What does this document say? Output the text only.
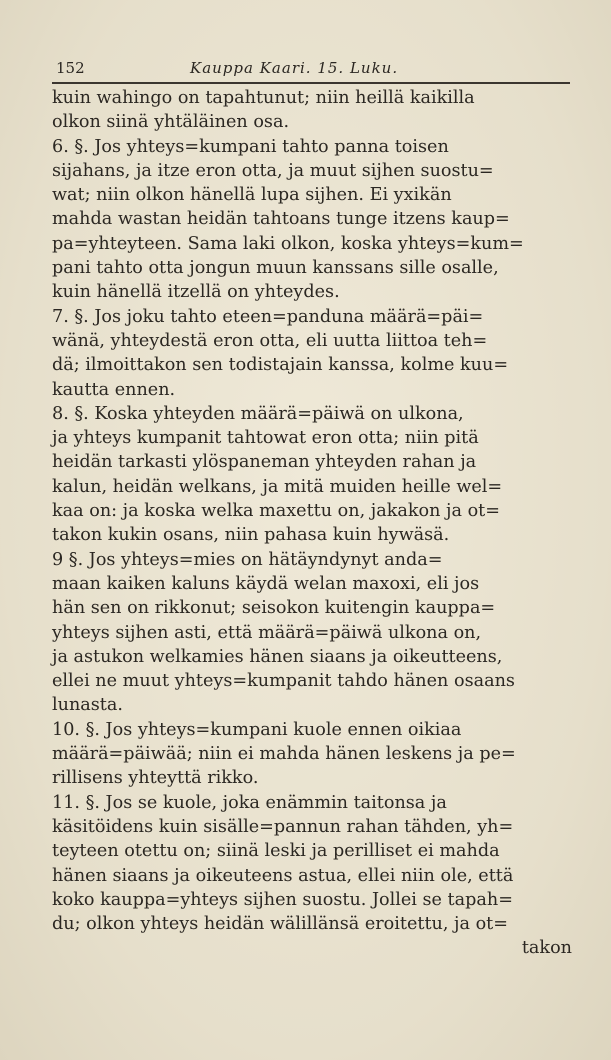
152	Kauppa Kaari. 15. Luku.
kuin wahingo on tapahtunut; niin heillä kaikilla
olkon siinä yhtäläinen osa.
6. §. Jos yhteys=kumpani tahto panna toisen
sijahans, ja itze eron otta, ja muut sijhen suostu=
wat; niin olkon hänellä lupa sijhen. Ei yxikän
mahda wastan heidän tahtoans tunge itzens kaup=
pa=yhteyteen. Sama laki olkon, koska yhteys=kum=
pani tahto otta jongun muun kanssans sille osalle,
kuin hänellä itzellä on yhteydes.
7. §. Jos joku tahto eteen=panduna määrä=päi=
wänä, yhteydestä eron otta, eli uutta liittoa teh=
dä; ilmoittakon sen todistajain kanssa, kolme kuu=
kautta ennen.
8. §. Koska yhteyden määrä=päiwä on ulkona,
ja yhteys kumpanit tahtowat eron otta; niin pitä
heidän tarkasti ylöspaneman yhteyden rahan ja
kalun, heidän welkans, ja mitä muiden heille wel=
kaa on: ja koska welka maxettu on, jakakon ja ot=
takon kukin osans, niin pahasa kuin hywäsä.
9 §. Jos yhteys=mies on hätäyndynyt anda=
maan kaiken kaluns käydä welan maxoxi, eli jos
hän sen on rikkonut; seisokon kuitengin kauppa=
yhteys sijhen asti, että määrä=päiwä ulkona on,
ja astukon welkamies hänen siaans ja oikeutteens,
ellei ne muut yhteys=kumpanit tahdo hänen osaans
lunasta.
10. §. Jos yhteys=kumpani kuole ennen oikiaa
määrä=päiwää; niin ei mahda hänen leskens ja pe=
rillisens yhteyttä rikko.
11. §. Jos se kuole, joka enämmin taitonsa ja
käsitöidens kuin sisälle=pannun rahan tähden, yh=
teyteen otettu on; siinä leski ja perilliset ei mahda
hänen siaans ja oikeuteens astua, ellei niin ole, että
koko kauppa=yhteys sijhen suostu. Jollei se tapah=
du; olkon yhteys heidän wälillänsä eroitettu, ja ot=
takon
